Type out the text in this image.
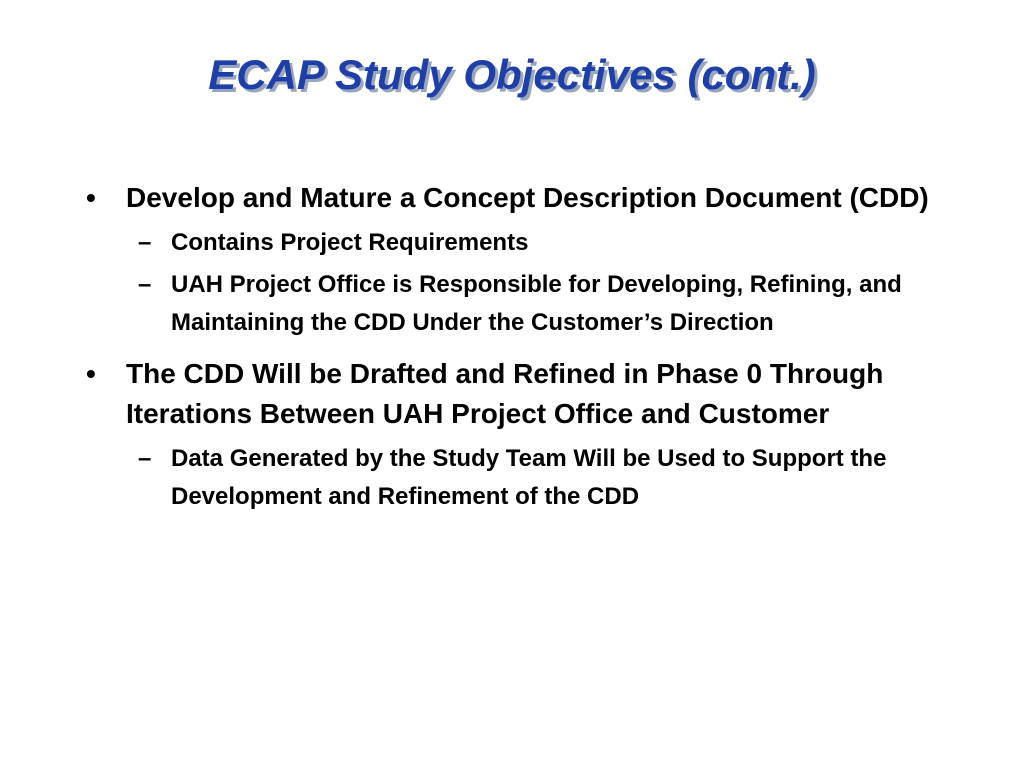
ECAP Study Objectives (cont.)
•	Develop and Mature a Concept Description Document (CDD)
– Contains Project Requirements
– UAH Project Office is Responsible for Developing, Refining, and Maintaining the CDD Under the Customer’s Direction
•	The CDD Will be Drafted and Refined in Phase 0 Through Iterations Between UAH Project Office and Customer
– Data Generated by the Study Team Will be Used to Support the Development and Refinement of the CDD
